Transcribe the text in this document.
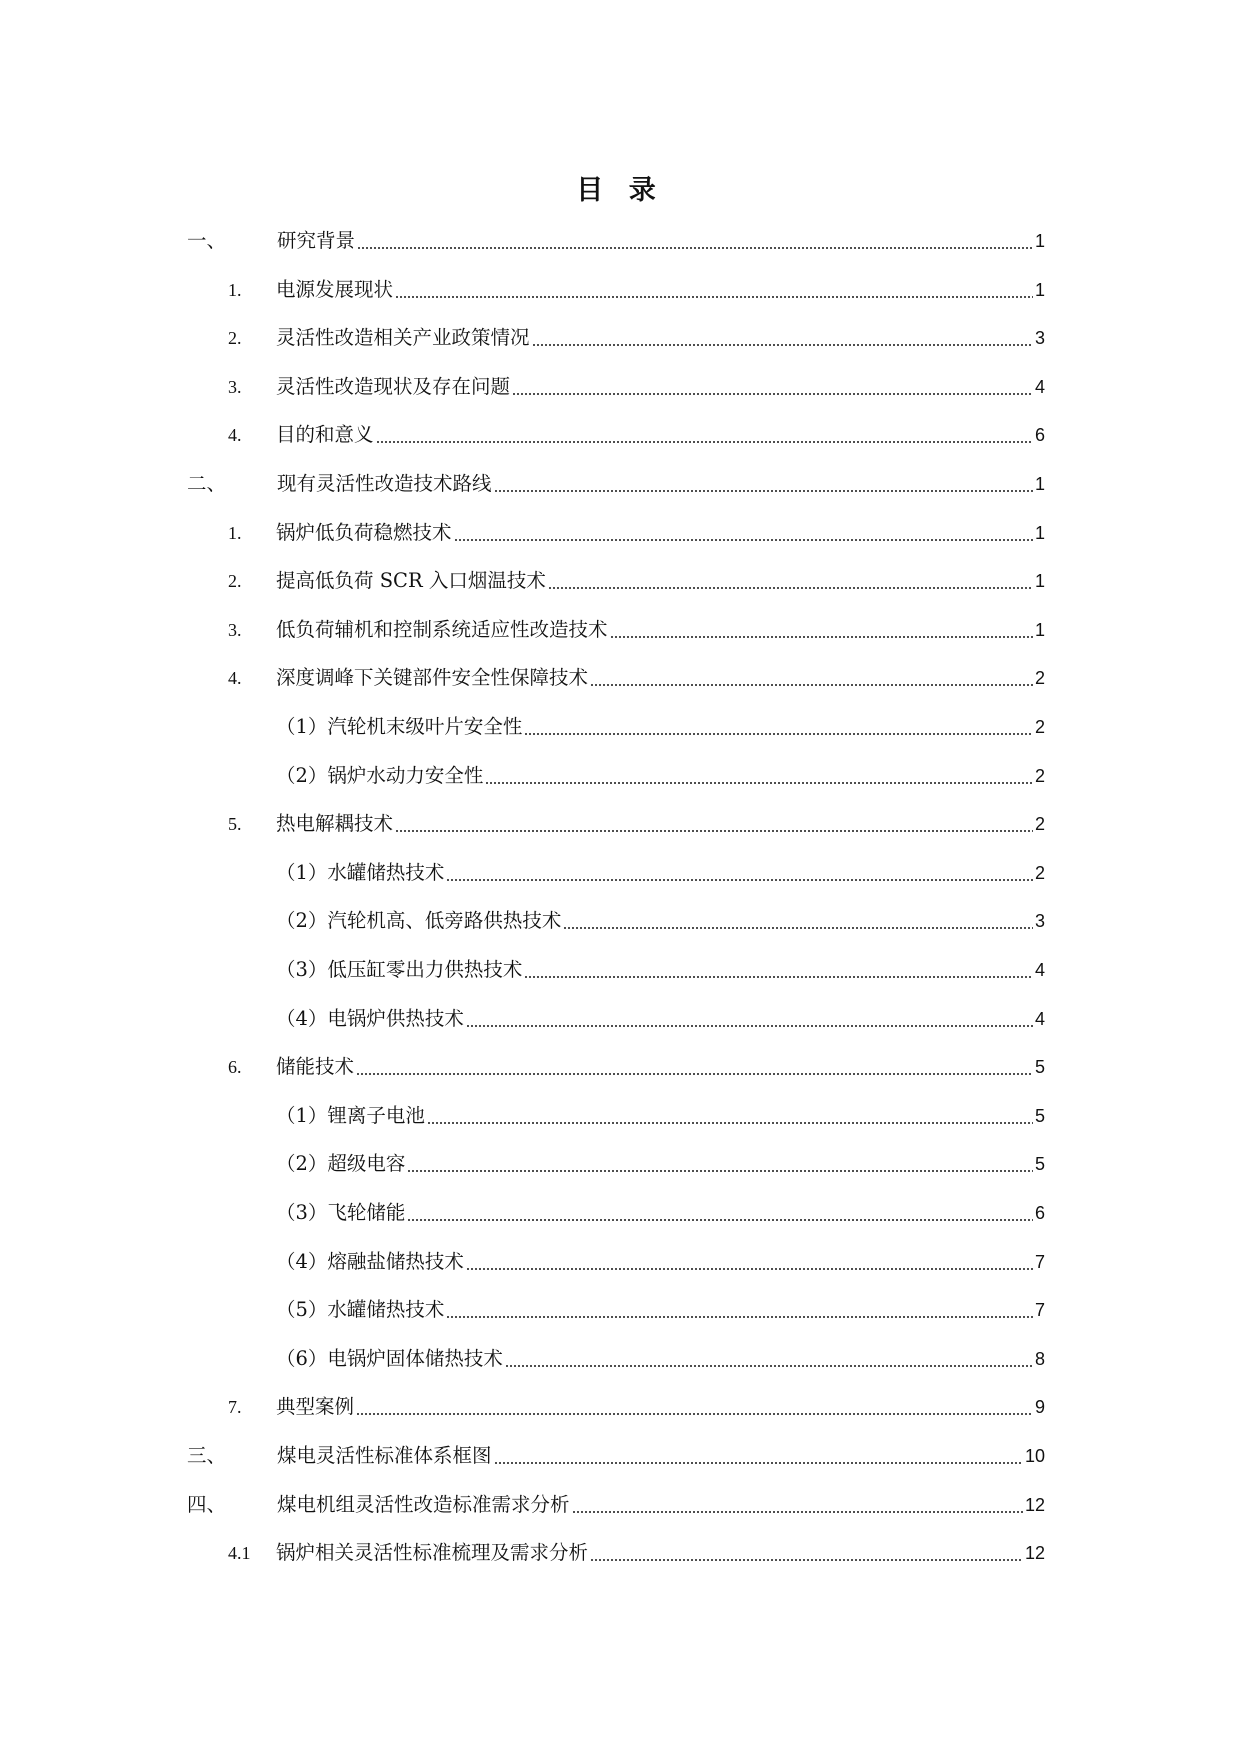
目 录
一、	研究背景	1
1.	电源发展现状	1
2.	灵活性改造相关产业政策情况	3
3.	灵活性改造现状及存在问题	4
4.	目的和意义	6
二、	现有灵活性改造技术路线	1
1.	锅炉低负荷稳燃技术	1
2.	提高低负荷 SCR 入口烟温技术	1
3.	低负荷辅机和控制系统适应性改造技术	1
4.	深度调峰下关键部件安全性保障技术	2
（1） 汽轮机末级叶片安全性	2
（2） 锅炉水动力安全性	2
5.	热电解耦技术	2
（1） 水罐储热技术	2
（2） 汽轮机高、低旁路供热技术	3
（3） 低压缸零出力供热技术	4
（4） 电锅炉供热技术	4
6.	储能技术	5
（1） 锂离子电池	5
（2） 超级电容	5
（3） 飞轮储能	6
（4） 熔融盐储热技术	7
（5） 水罐储热技术	7
（6） 电锅炉固体储热技术	8
7.	典型案例	9
三、	煤电灵活性标准体系框图	10
四、	煤电机组灵活性改造标准需求分析	12
4.1 锅炉相关灵活性标准梳理及需求分析	12
